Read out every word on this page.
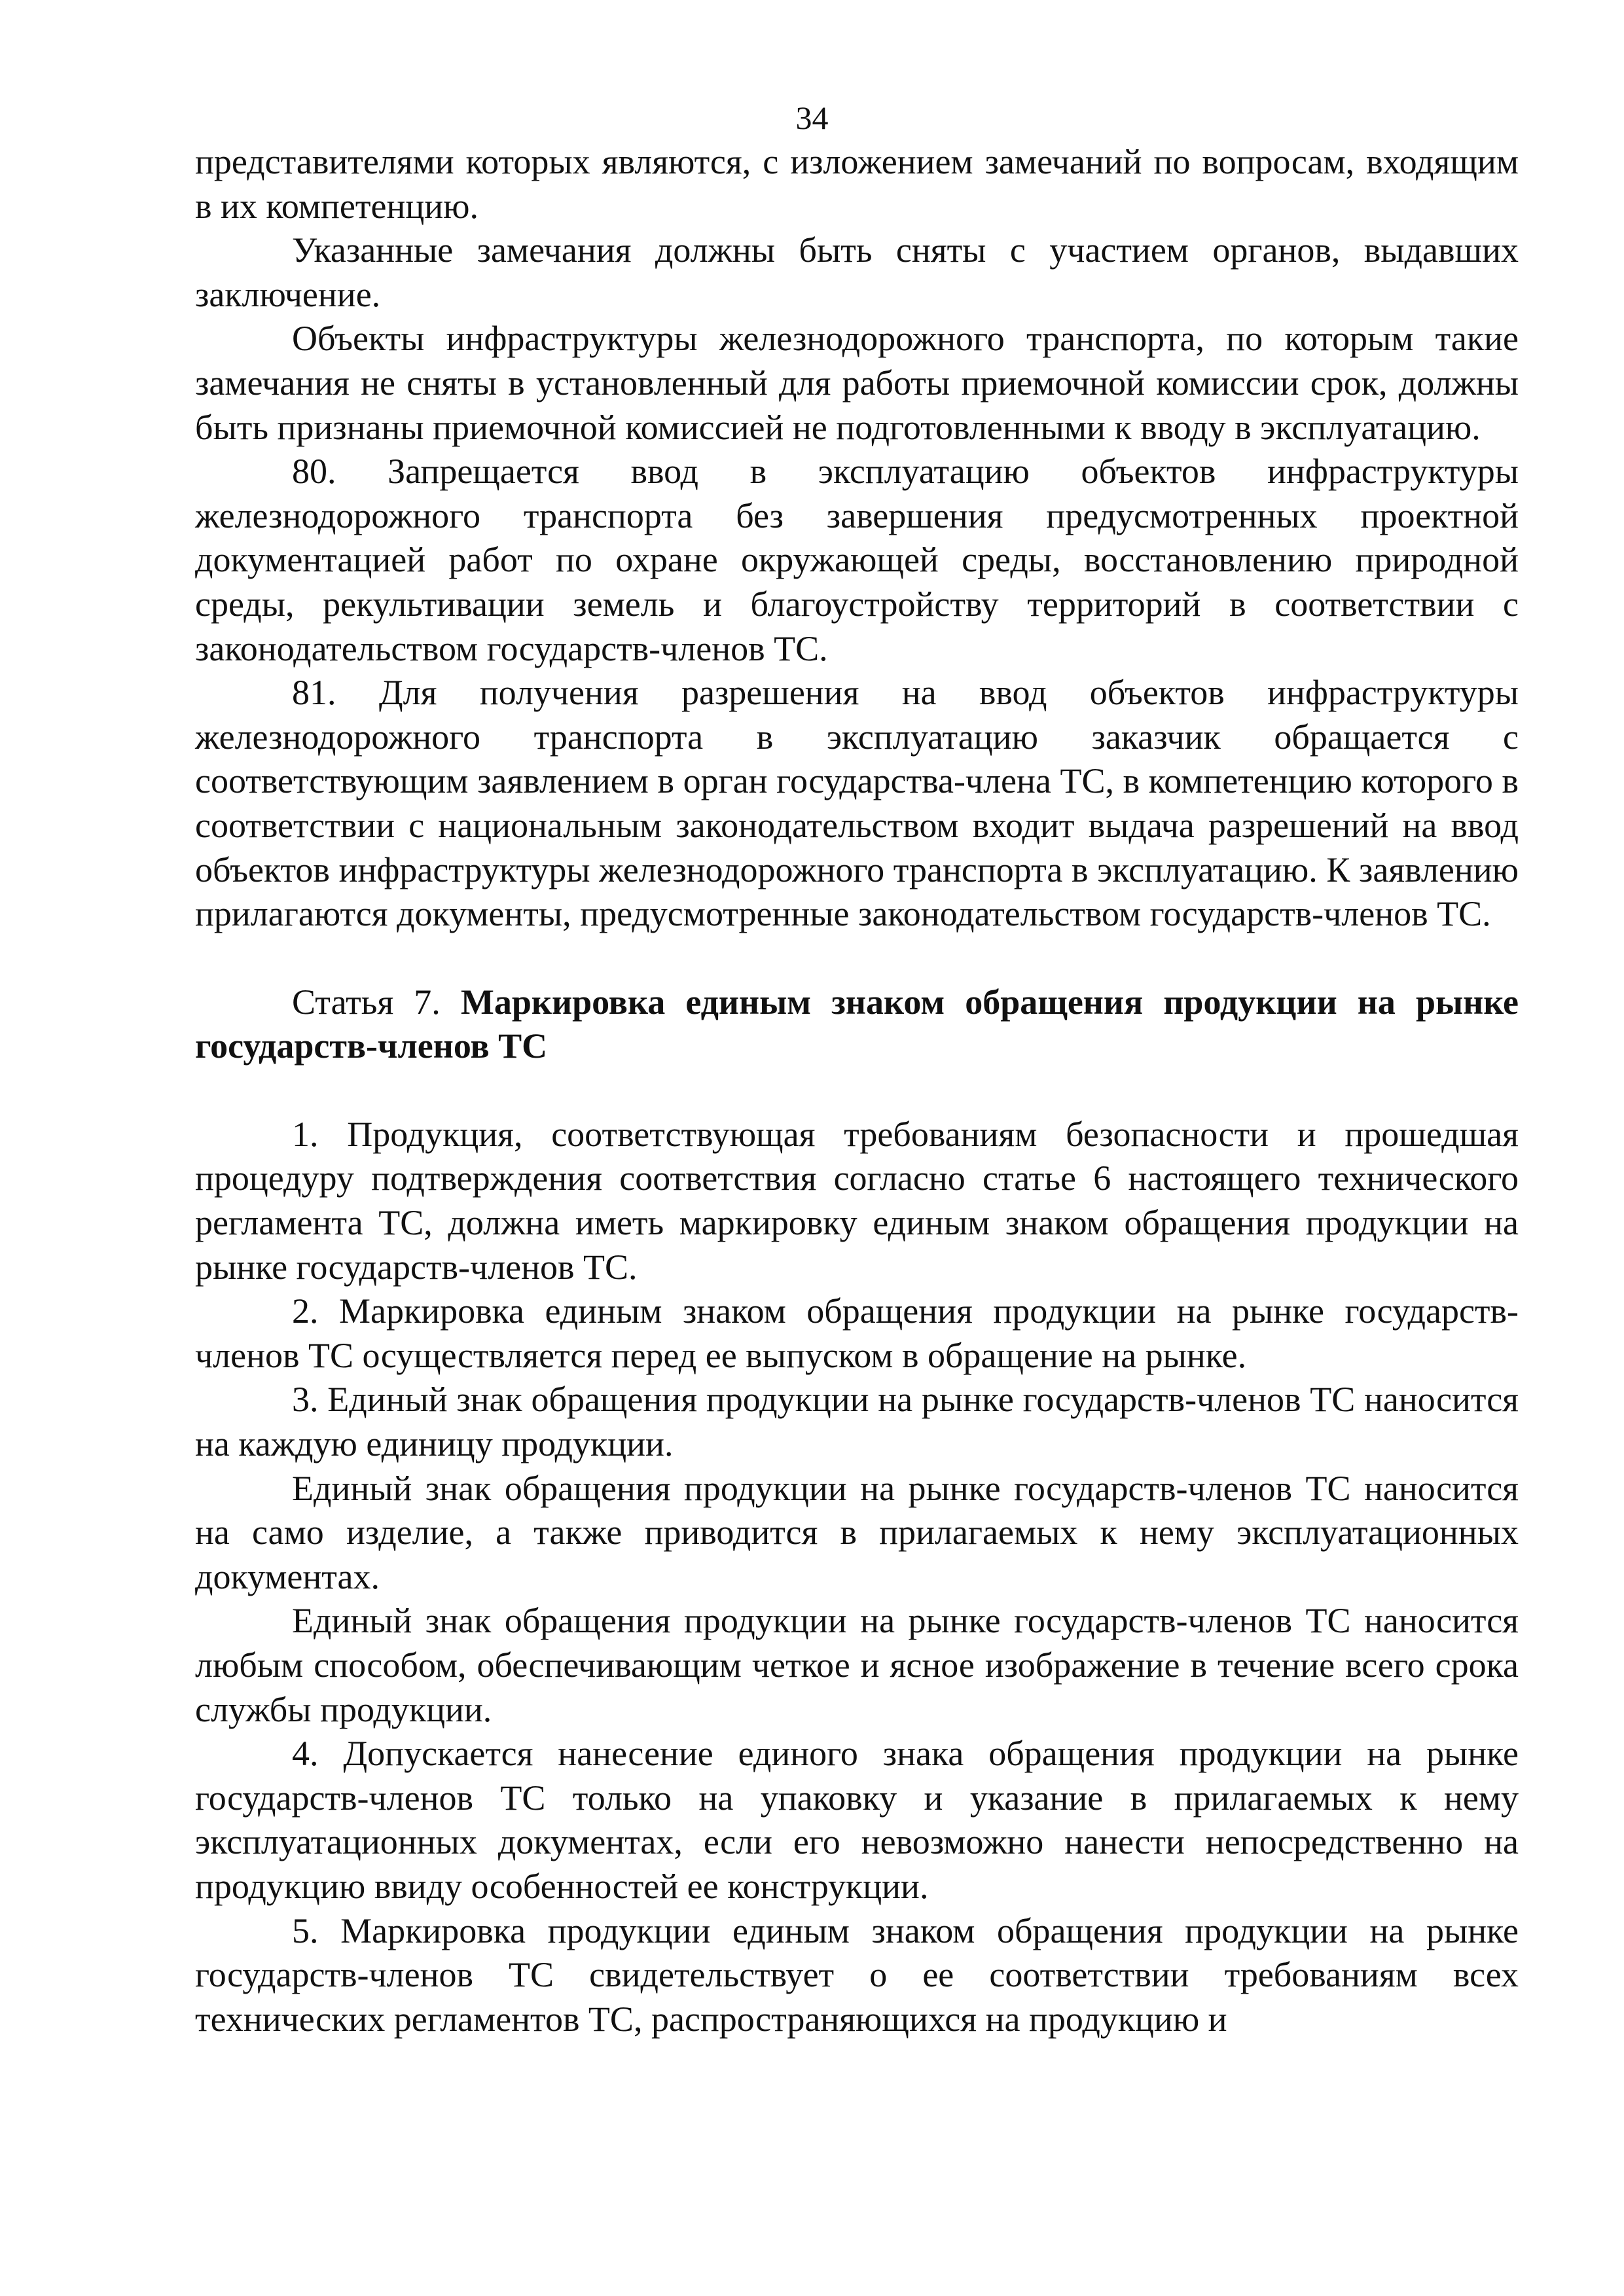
34

представителями которых являются, с изложением замечаний по вопросам, входящим в их компетенцию.

Указанные замечания должны быть сняты с участием органов, выдавших заключение.

Объекты инфраструктуры железнодорожного транспорта, по которым такие замечания не сняты в установленный для работы приемочной комиссии срок, должны быть признаны приемочной комиссией не подготовленными к вводу в эксплуатацию.

80. Запрещается ввод в эксплуатацию объектов инфраструктуры железнодорожного транспорта без завершения предусмотренных проектной документацией работ по охране окружающей среды, восстановлению природной среды, рекультивации земель и благоустройству территорий в соответствии с законодательством государств-членов ТС.

81. Для получения разрешения на ввод объектов инфраструктуры железнодорожного транспорта в эксплуатацию заказчик обращается с соответствующим заявлением в орган государства-члена ТС, в компетенцию которого в соответствии с национальным законодательством входит выдача разрешений на ввод объектов инфраструктуры железнодорожного транспорта в эксплуатацию. К заявлению прилагаются документы, предусмотренные законодательством государств-членов ТС.

Статья 7. Маркировка единым знаком обращения продукции на рынке государств-членов ТС

1. Продукция, соответствующая требованиям безопасности и прошедшая процедуру подтверждения соответствия согласно статье 6 настоящего технического регламента ТС, должна иметь маркировку единым знаком обращения продукции на рынке государств-членов ТС.

2. Маркировка единым знаком обращения продукции на рынке государств-членов ТС осуществляется перед ее выпуском в обращение на рынке.

3. Единый знак обращения продукции на рынке государств-членов ТС наносится на каждую единицу продукции.

Единый знак обращения продукции на рынке государств-членов ТС наносится на само изделие, а также приводится в прилагаемых к нему эксплуатационных документах.

Единый знак обращения продукции на рынке государств-членов ТС наносится любым способом, обеспечивающим четкое и ясное изображение в течение всего срока службы продукции.

4. Допускается нанесение единого знака обращения продукции на рынке государств-членов ТС только на упаковку и указание в прилагаемых к нему эксплуатационных документах, если его невозможно нанести непосредственно на продукцию ввиду особенностей ее конструкции.

5. Маркировка продукции единым знаком обращения продукции на рынке государств-членов ТС свидетельствует о ее соответствии требованиям всех технических регламентов ТС, распространяющихся на продукцию и
